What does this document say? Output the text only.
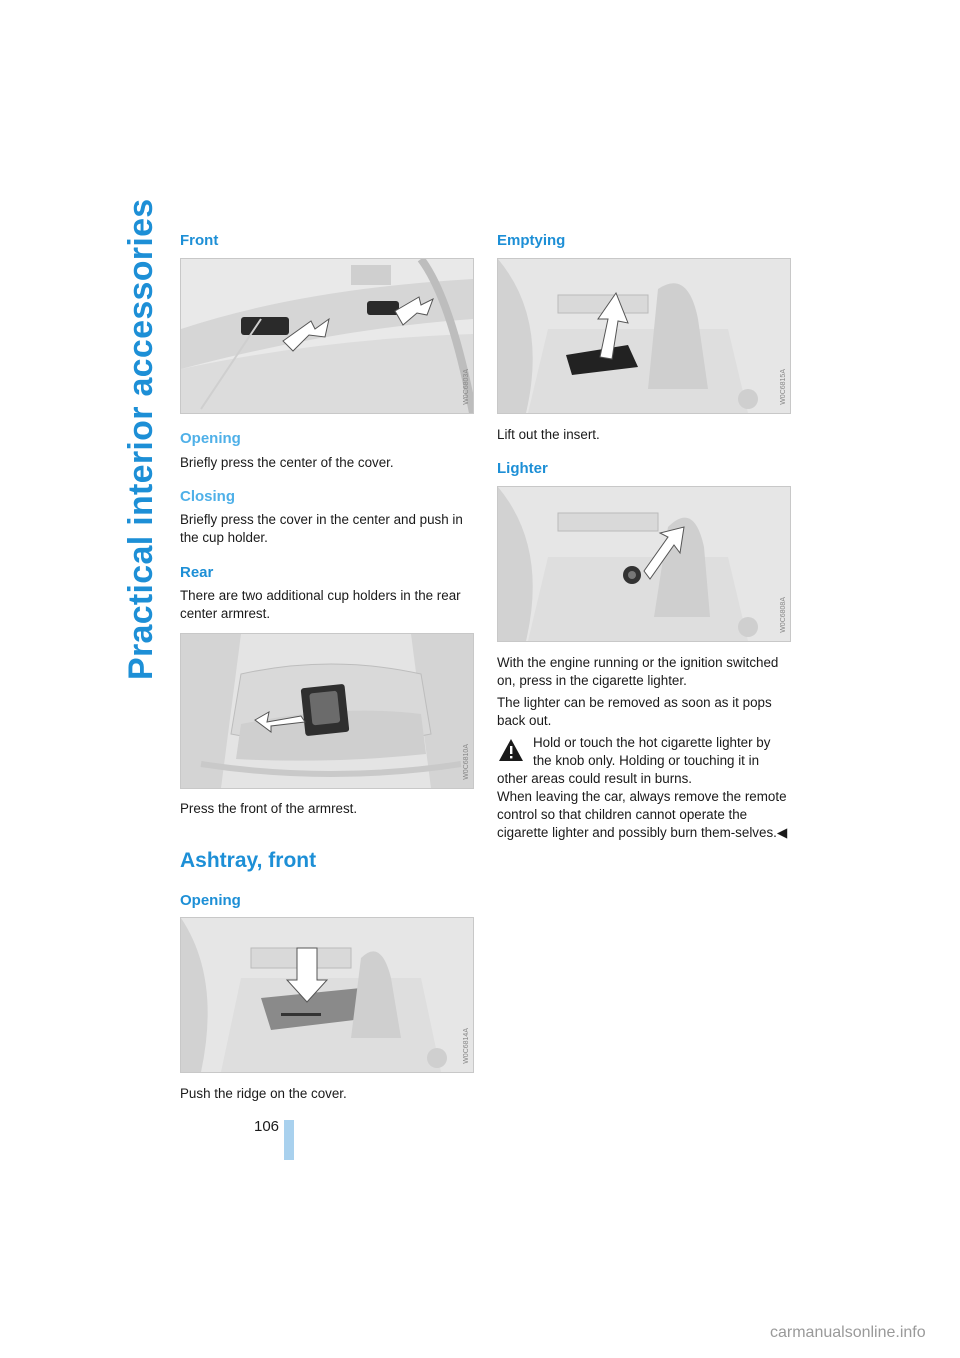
Practical interior accessories Front
W0C6803A
Opening

Briefly press the center of the cover.

Closing

Briefly press the cover in the center and push in the cup holder.

Rear

There are two additional cup holders in the rear center armrest.

W0C6810A

Press the front of the armrest.

Ashtray, front
Opening
W0C6814A

Push the ridge on the cover.

Emptying
W0C6815A

Lift out the insert.

Lighter
W0C6808A

With the engine running or the ignition switched on, press in the cigarette lighter.

The lighter can be removed as soon as it pops back out.

Hold or touch the hot cigarette lighter by

the knob only. Holding or touching it in

other areas could result in burns.

When leaving the car, always remove the remote control so that children cannot operate the cigarette lighter and possibly burn them-selves.◀

106
carmanualsonline.info
